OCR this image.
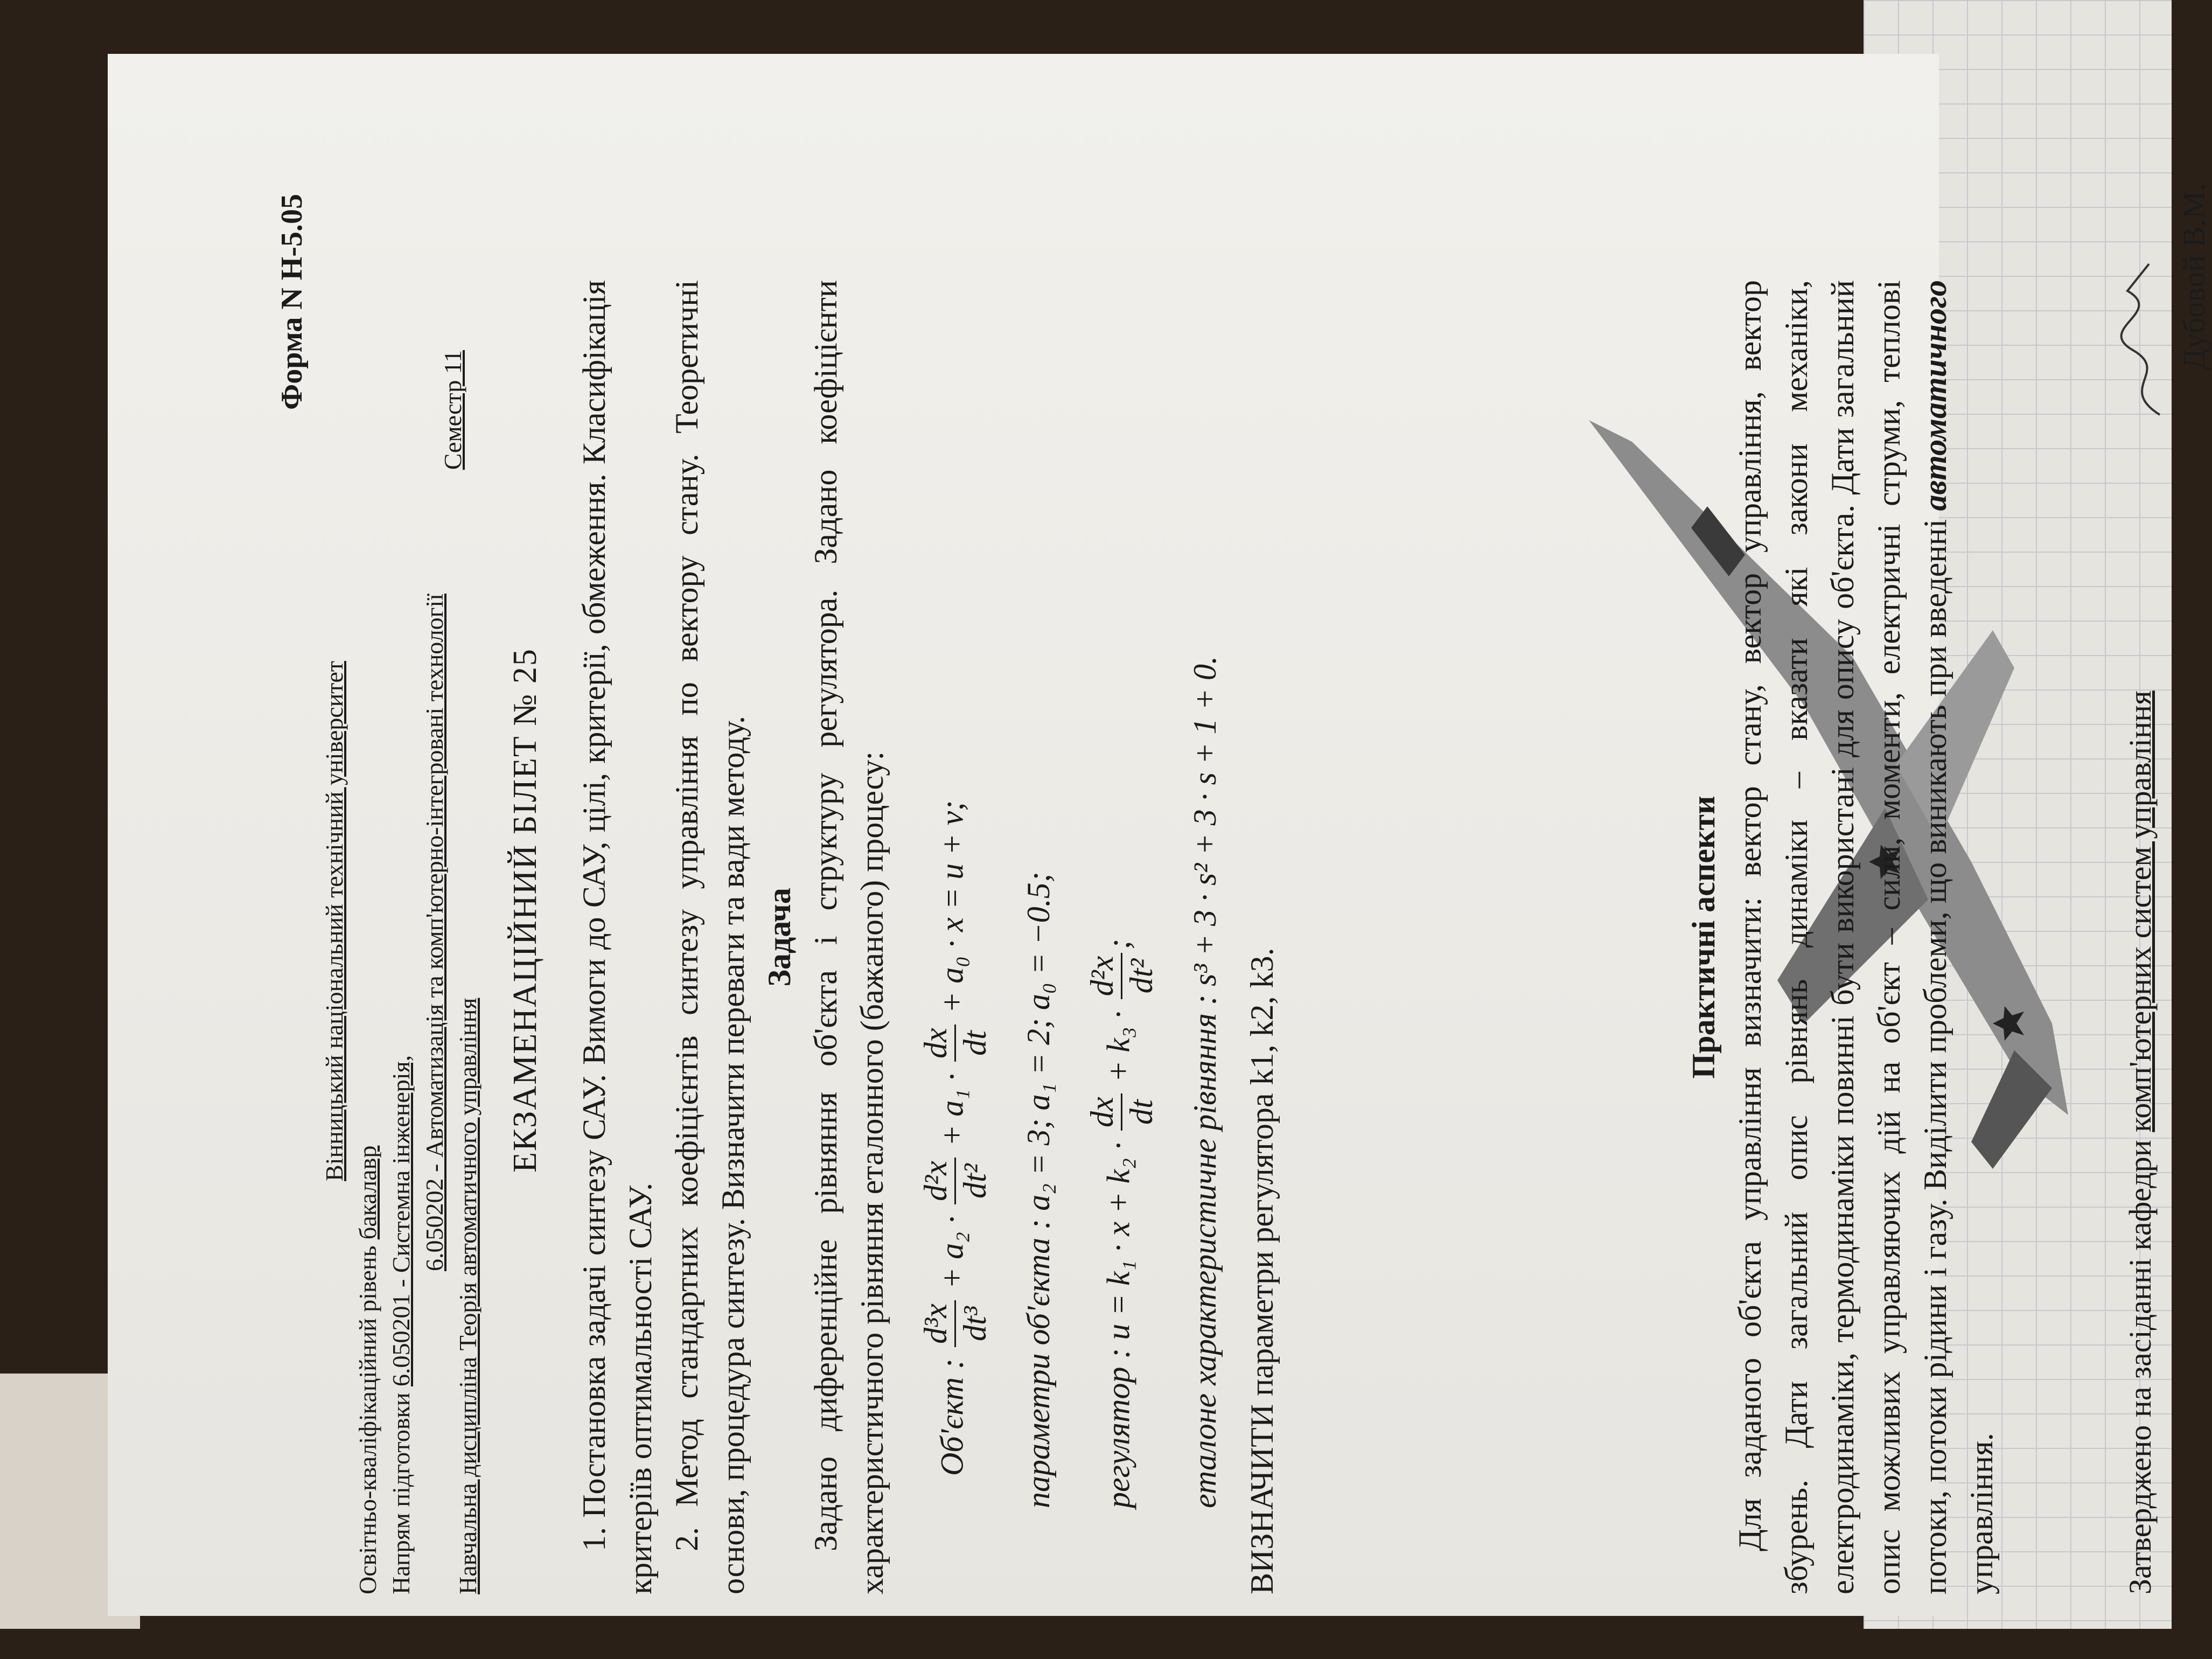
Форма N Н-5.05
Вінницький національний технічний університет
Освітньо-кваліфікаційний рівень бакалавр
Напрям підготовки 6.050201 - Системна інженерія, 6.050202 - Автоматизація та комп'ютерно-інтегровані технології
Семестр 11
Навчальна дисципліна Теорія автоматичного управління
ЕКЗАМЕНАЦІЙНИЙ БІЛЕТ № 25 1. Постановка задачі синтезу САУ. Вимоги до САУ, цілі, критерії, обмеження. Класифікація критеріїв оптимальності САУ. 2. Метод стандартних коефіцієнтів синтезу управління по вектору стану. Теоретичні основи, процедура синтезу. Визначити переваги та вади методу. Задача Задано диференційне рівняння об'єкта і структуру регулятора. Задано коефіцієнти характеристичного рівняння еталонного (бажаного) процесу:	Об'єкт :
d³x dt³
+ a₂ ·
d²x dt²
+ a₁ ·
dx dt
+ a₀ · x = u + v;
параметри об'єкта : a₂ = 3; a₁ = 2; a₀ = −0.5;
регулятор : u = k₁ · x + k₂ ·
dx dt
+ k₃ ·
d²x dt²
;
еталоне характеристичне рівняння : s³ + 3 · s² + 3 · s + 1 + 0.

ВИЗНАЧИТИ параметри регулятора k1, k2, k3.

Практичні аспекти Для заданого об'єкта управління визначити: вектор стану, вектор управління, вектор збурень. Дати загальний опис рівнянь динаміки – вказати які закони механіки, електродинаміки, термодинаміки повинні бути використані для опису об'єкта. Дати загальний опис можливих управляючих дій на об'єкт – сили, моменти, електричні струми, теплові потоки, потоки рідини і газу. Виділити проблеми, що виникають при введенні автоматичного управління.	Затверджено на засіданні кафедри комп'ютерних систем управління
Дубовой В.М.
